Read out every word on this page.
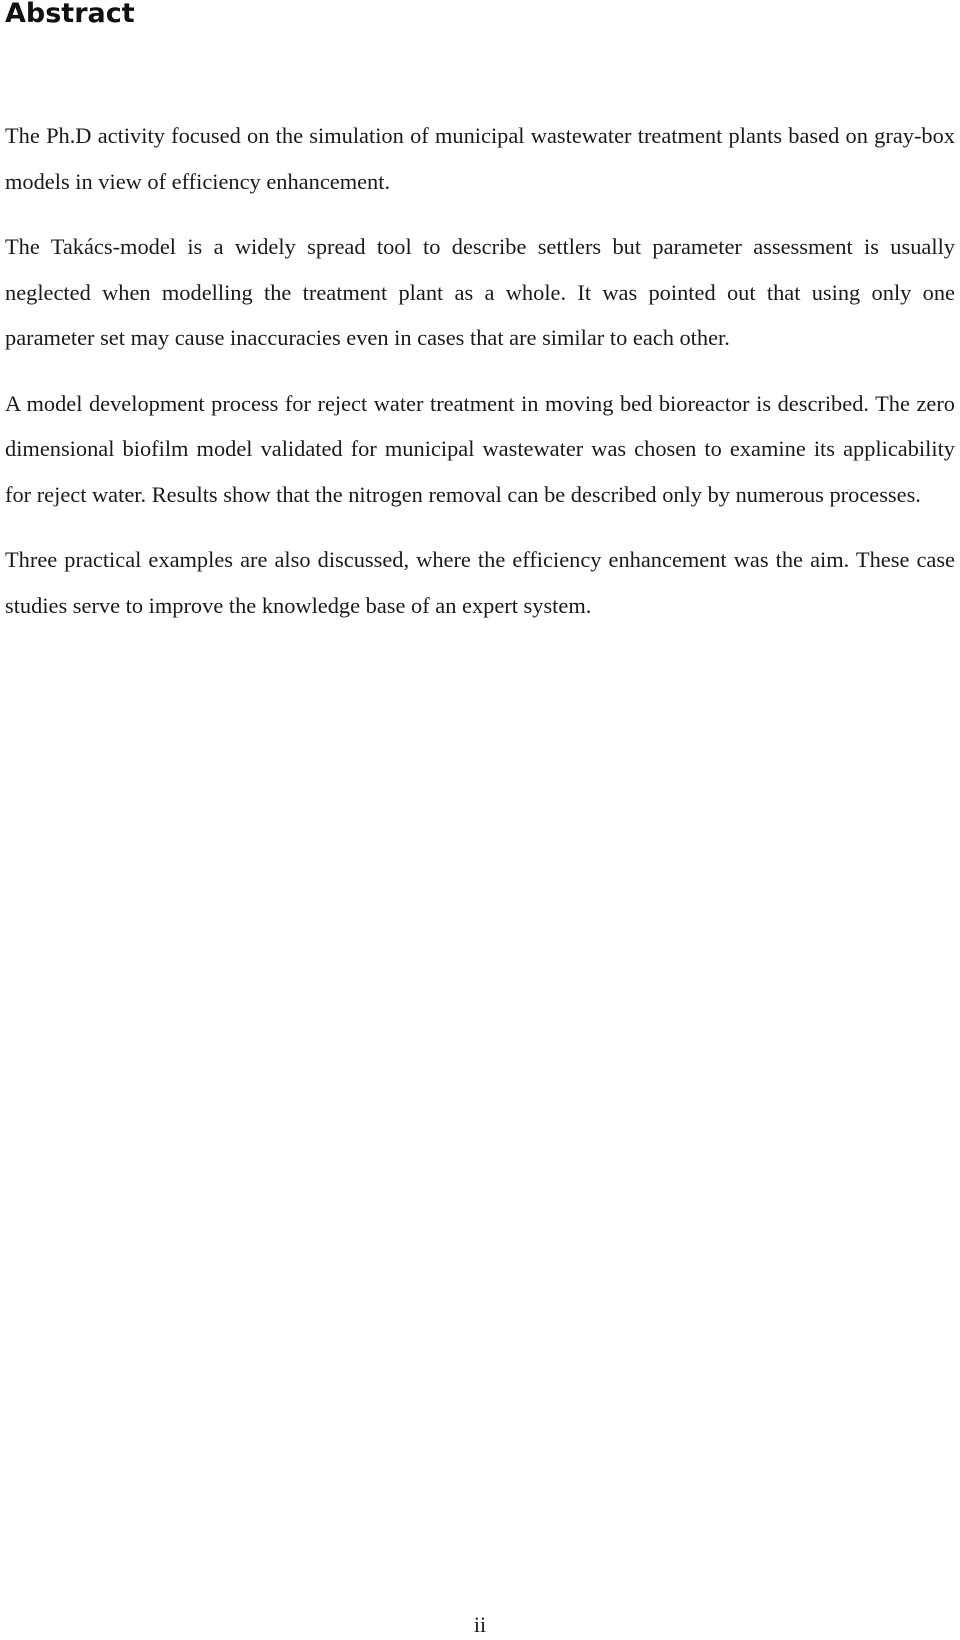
Abstract

The Ph.D activity focused on the simulation of municipal wastewater treatment plants based on gray-box models in view of efficiency enhancement.

The Takács-model is a widely spread tool to describe settlers but parameter assessment is usually neglected when modelling the treatment plant as a whole. It was pointed out that using only one parameter set may cause inaccuracies even in cases that are similar to each other.

A model development process for reject water treatment in moving bed bioreactor is described. The zero dimensional biofilm model validated for municipal wastewater was chosen to examine its applicability for reject water. Results show that the nitrogen removal can be described only by numerous processes.

Three practical examples are also discussed, where the efficiency enhancement was the aim. These case studies serve to improve the knowledge base of an expert system.

ii
